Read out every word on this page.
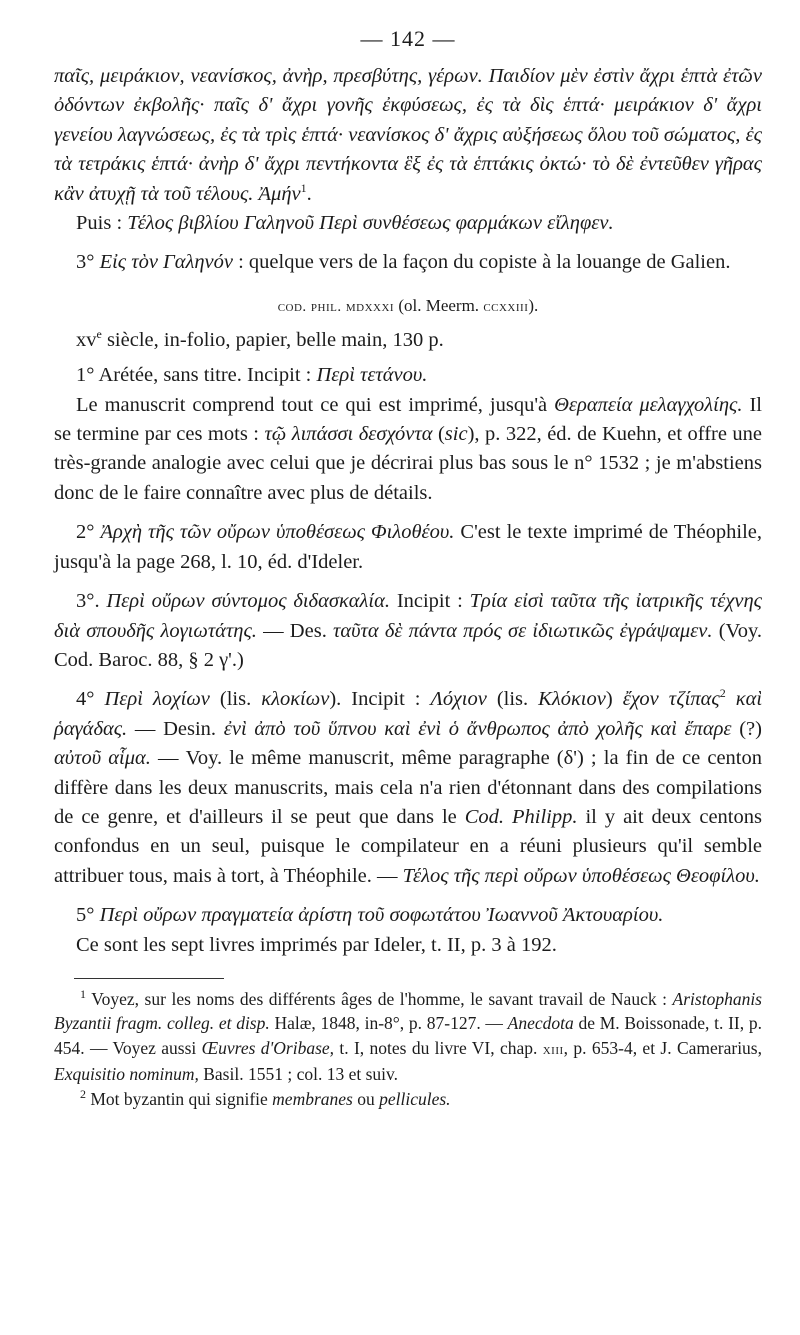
— 142 —

παῖς, μειράκιον, νεανίσκος, ἀνὴρ, πρεσβύτης, γέρων. Παιδίον μὲν ἐστὶν ἄχρι ἑπτὰ ἐτῶν ὀδόντων ἐκβολῆς· παῖς δ' ἄχρι γονῆς ἐκφύσεως, ἐς τὰ δὶς ἑπτά· μειράκιον δ' ἄχρι γενείου λαγνώσεως, ἐς τὰ τρὶς ἑπτά· νεανίσκος δ' ἄχρις αὐξήσεως ὅλου τοῦ σώματος, ἐς τὰ τετράκις ἑπτά· ἀνὴρ δ' ἄχρι πεντήκοντα ἓξ ἐς τὰ ἑπτάκις ὀκτώ· τὸ δὲ ἐντεῦθεν γῆρας κἂν ἀτυχῇ τὰ τοῦ τέλους. Ἀμήν$^1$.

Puis : Τέλος βιβλίου Γαληνοῦ Περὶ συνθέσεως φαρμάκων εἴληφεν.

3° Εἰς τὸν Γαληνόν : quelque vers de la façon du copiste à la louange de Galien.

cod. phil. mdxxxi (ol. Meerm. ccxxiii).

$xv^e$ siècle, in-folio, papier, belle main, 130 p.

1° Arétée, sans titre. Incipit : Περὶ τετάνου.

Le manuscrit comprend tout ce qui est imprimé, jusqu'à Θεραπεία μελαγχολίης. Il se termine par ces mots : τῷ λιπάσσι δεσχόντα (sic), p. 322, éd. de Kuehn, et offre une très-grande analogie avec celui que je décrirai plus bas sous le n° 1532 ; je m'abstiens donc de le faire connaître avec plus de détails.

2° Ἀρχὴ τῆς τῶν οὔρων ὑποθέσεως Φιλοθέου. C'est le texte imprimé de Théophile, jusqu'à la page 268, l. 10, éd. d'Ideler.

3°. Περὶ οὔρων σύντομος διδασκαλία. Incipit : Τρία εἰσὶ ταῦτα τῆς ἰατρικῆς τέχνης διὰ σπουδῆς λογιωτάτης. — Des. ταῦτα δὲ πάντα πρός σε ἰδιωτικῶς ἐγράψαμεν. (Voy. Cod. Baroc. 88, § 2 γ'.)

4° Περὶ λοχίων (lis. κλοκίων). Incipit : Λόχιον (lis. Κλόκιον) ἔχον τζίπας$^2$ καὶ ῥαγάδας. — Desin. ἐνὶ ἀπὸ τοῦ ὕπνου καὶ ἐνὶ ὁ ἄνθρωπος ἀπὸ χολῆς καὶ ἔπαρε (?) αὐτοῦ αἷμα. — Voy. le même manuscrit, même paragraphe (δ') ; la fin de ce centon diffère dans les deux manuscrits, mais cela n'a rien d'étonnant dans des compilations de ce genre, et d'ailleurs il se peut que dans le Cod. Philipp. il y ait deux centons confondus en un seul, puisque le compilateur en a réuni plusieurs qu'il semble attribuer tous, mais à tort, à Théophile. — Τέλος τῆς περὶ οὔρων ὑποθέσεως Θεοφίλου.

5° Περὶ οὔρων πραγματεία ἀρίστη τοῦ σοφωτάτου Ἰωαννοῦ Ἀκτουαρίου.

Ce sont les sept livres imprimés par Ideler, t. II, p. 3 à 192.

$^1$ Voyez, sur les noms des différents âges de l'homme, le savant travail de Nauck : Aristophanis Byzantii fragm. colleg. et disp. Halæ, 1848, in-8°, p. 87-127. — Anecdota de M. Boissonade, t. II, p. 454. — Voyez aussi Œuvres d'Oribase, t. I, notes du livre VI, chap. xiii, p. 653-4, et J. Camerarius, Exquisitio nominum, Basil. 1551 ; col. 13 et suiv.

$^2$ Mot byzantin qui signifie membranes ou pellicules.
